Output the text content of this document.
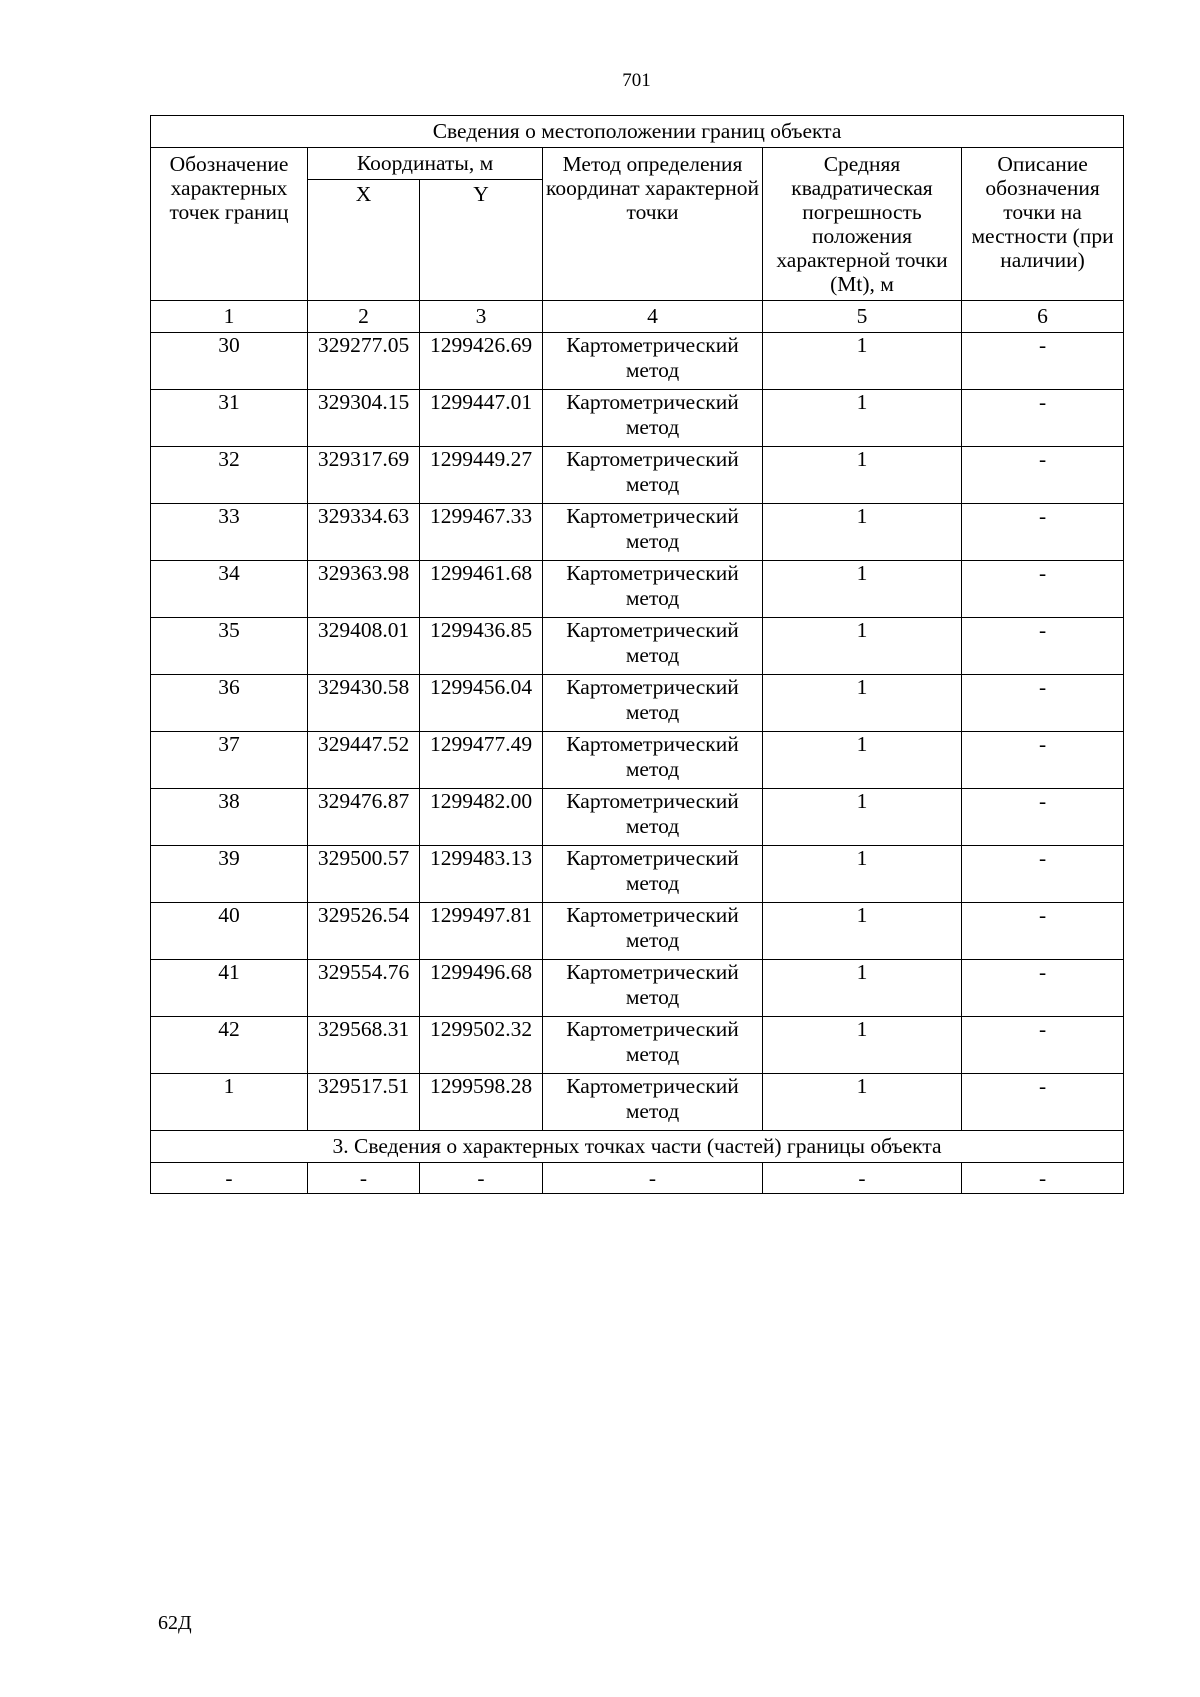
701
Сведения о местоположении границ объекта					
Обозначение характерных точек границ	Координаты, м		Метод определения координат характерной точки	Средняя квадратическая погрешность положения характерной точки (Mt), м	Описание обозначения точки на местности (при наличии)
	X	Y			
1	2	3	4	5	6
30	329277.05	1299426.69	Картометрический метод	1	-
31	329304.15	1299447.01	Картометрический метод	1	-
32	329317.69	1299449.27	Картометрический метод	1	-
33	329334.63	1299467.33	Картометрический метод	1	-
34	329363.98	1299461.68	Картометрический метод	1	-
35	329408.01	1299436.85	Картометрический метод	1	-
36	329430.58	1299456.04	Картометрический метод	1	-
37	329447.52	1299477.49	Картометрический метод	1	-
38	329476.87	1299482.00	Картометрический метод	1	-
39	329500.57	1299483.13	Картометрический метод	1	-
40	329526.54	1299497.81	Картометрический метод	1	-
41	329554.76	1299496.68	Картометрический метод	1	-
42	329568.31	1299502.32	Картометрический метод	1	-
1	329517.51	1299598.28	Картометрический метод	1	-
3. Сведения о характерных точках части (частей) границы объекта					
-	-	-	-	-	-
62Д
